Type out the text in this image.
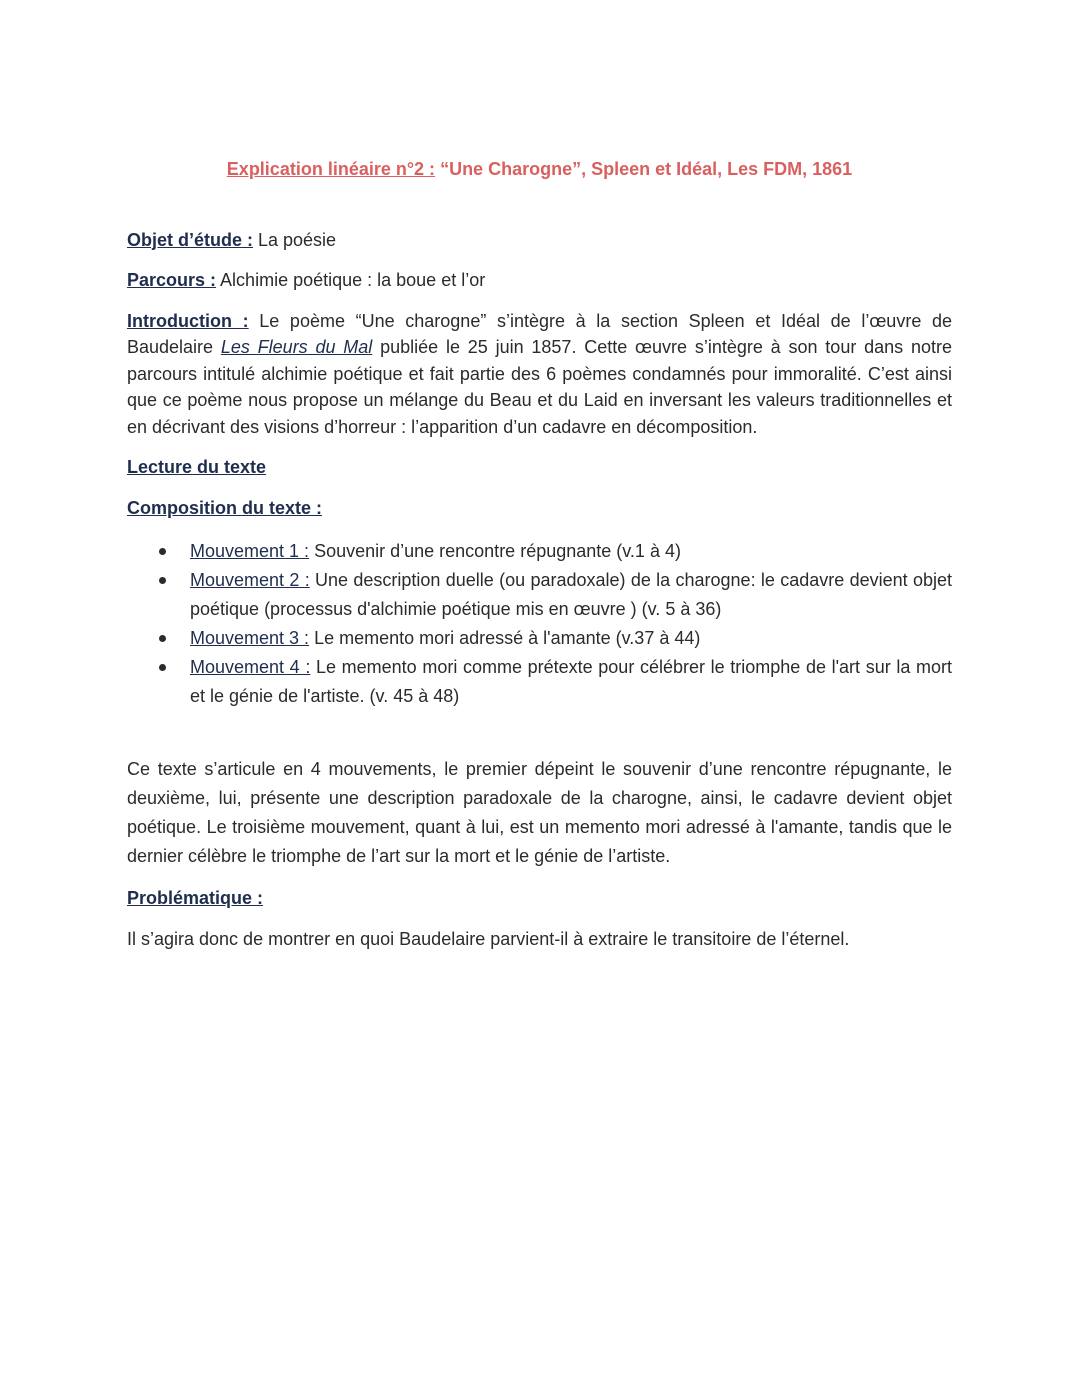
Explication linéaire n°2 : “Une Charogne”, Spleen et Idéal, Les FDM, 1861

Objet d’étude : La poésie

Parcours : Alchimie poétique : la boue et l’or

Introduction : Le poème “Une charogne” s’intègre à la section Spleen et Idéal de l’œuvre de Baudelaire Les Fleurs du Mal publiée le 25 juin 1857. Cette œuvre s’intègre à son tour dans notre parcours intitulé alchimie poétique et fait partie des 6 poèmes condamnés pour immoralité. C’est ainsi que ce poème nous propose un mélange du Beau et du Laid en inversant les valeurs traditionnelles et en décrivant des visions d’horreur : l’apparition d’un cadavre en décomposition.

Lecture du texte

Composition du texte :

Mouvement 1 : Souvenir d’une rencontre répugnante (v.1 à 4)
Mouvement 2 : Une description duelle (ou paradoxale) de la charogne: le cadavre devient objet poétique (processus d'alchimie poétique mis en œuvre ) (v. 5 à 36)
Mouvement 3 : Le memento mori adressé à l'amante (v.37 à 44)
Mouvement 4 : Le memento mori comme prétexte pour célébrer le triomphe de l'art sur la mort et le génie de l'artiste. (v. 45 à 48)

Ce texte s’articule en 4 mouvements, le premier dépeint le souvenir d’une rencontre répugnante, le deuxième, lui, présente une description paradoxale de la charogne, ainsi, le cadavre devient objet poétique. Le troisième mouvement, quant à lui, est un memento mori adressé à l'amante, tandis que le dernier célèbre le triomphe de l’art sur la mort et le génie de l’artiste.

Problématique :

Il s’agira donc de montrer en quoi Baudelaire parvient-il à extraire le transitoire de l’éternel.
